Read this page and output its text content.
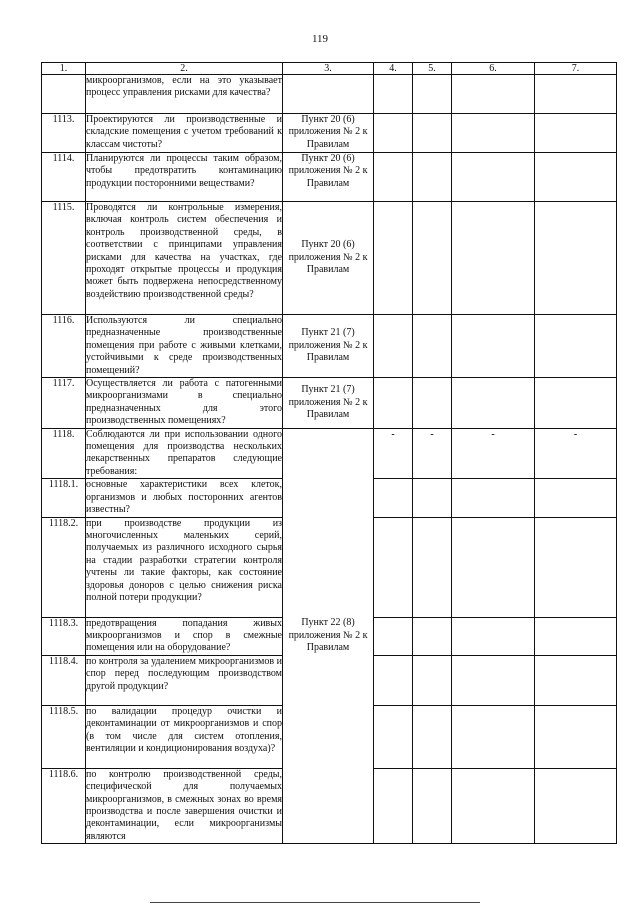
119
1.	2.	3.	4.	5.	6.	7.
	микроорганизмов, если на это указывает процесс управления рисками для качества?					
1113.	Проектируются ли производственные и складские помещения с учетом требований к классам чистоты?	Пункт 20 (6) приложения № 2 к Правилам				
1114.	Планируются ли процессы таким образом, чтобы предотвратить контаминацию продукции посторонними веществами?	Пункт 20 (6) приложения № 2 к Правилам				
1115.	Проводятся ли контрольные измерения, включая контроль систем обеспечения и контроль производственной среды, в соответствии с принципами управления рисками для качества на участках, где проходят открытые процессы и продукция может быть подвержена непосредственному воздействию производственной среды?	Пункт 20 (6) приложения № 2 к Правилам				
1116.	Используются ли специально предназначенные производственные помещения при работе с живыми клетками, устойчивыми к среде производственных помещений?	Пункт 21 (7) приложения № 2 к Правилам				
1117.	Осуществляется ли работа с патогенными микроорганизмами в специально предназначенных для этого производственных помещениях?	Пункт 21 (7) приложения № 2 к Правилам				
1118.	Соблюдаются ли при использовании одного помещения для производства нескольких лекарственных препаратов следующие требования:	Пункт 22 (8) приложения № 2 к Правилам	-	-	-	-
1118.1.	основные характеристики всех клеток, организмов и любых посторонних агентов известны?					
1118.2.	при производстве продукции из многочисленных маленьких серий, получаемых из различного исходного сырья на стадии разработки стратегии контроля учтены ли такие факторы, как состояние здоровья доноров с целью снижения риска полной потери продукции?					
1118.3.	предотвращения попадания живых микроорганизмов и спор в смежные помещения или на оборудование?					
1118.4.	по контроля за удалением микроорганизмов и спор перед последующим производством другой продукции?					
1118.5.	по валидации процедур очистки и деконтаминации от микроорганизмов и спор (в том числе для систем отопления, вентиляции и кондиционирования воздуха)?					
1118.6.	по контролю производственной среды, специфической для получаемых микроорганизмов, в смежных зонах во время производства и после завершения очистки и деконтаминации, если микроорганизмы являются					
